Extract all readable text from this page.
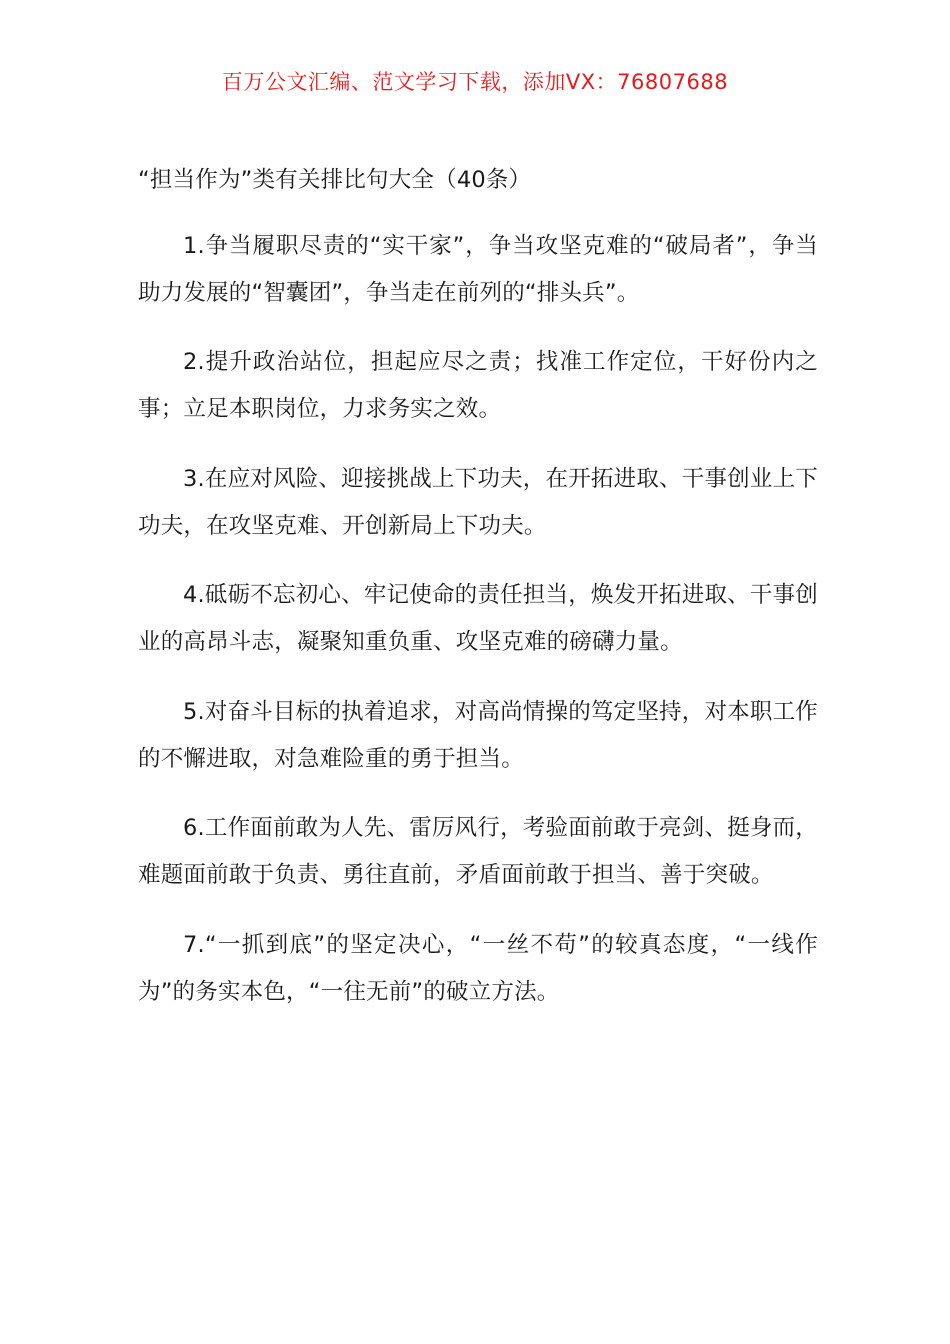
百万公文汇编、范文学习下载，添加VX：76807688
“担当作为”类有关排比句大全（40条）

1.争当履职尽责的“实干家”，争当攻坚克难的“破局者”，争当助力发展的“智囊团”，争当走在前列的“排头兵”。

2.提升政治站位，担起应尽之责；找准工作定位，干好份内之事；立足本职岗位，力求务实之效。

3.在应对风险、迎接挑战上下功夫，在开拓进取、干事创业上下功夫，在攻坚克难、开创新局上下功夫。

4.砥砺不忘初心、牢记使命的责任担当，焕发开拓进取、干事创业的高昂斗志，凝聚知重负重、攻坚克难的磅礴力量。

5.对奋斗目标的执着追求，对高尚情操的笃定坚持，对本职工作的不懈进取，对急难险重的勇于担当。

6.工作面前敢为人先、雷厉风行，考验面前敢于亮剑、挺身而，难题面前敢于负责、勇往直前，矛盾面前敢于担当、善于突破。

7.“一抓到底”的坚定决心，“一丝不苟”的较真态度，“一线作为”的务实本色，“一往无前”的破立方法。
